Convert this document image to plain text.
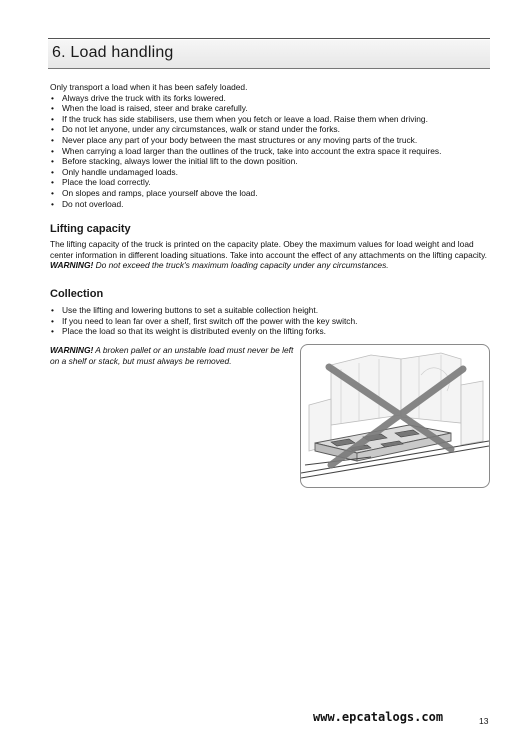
6. Load handling
Only transport a load when it has been safely loaded.
• Always drive the truck with its forks lowered.
• When the load is raised, steer and brake carefully.
• If the truck has side stabilisers, use them when you fetch or leave a load. Raise them when driving.
• Do not let anyone, under any circumstances, walk or stand under the forks.
• Never place any part of your body between the mast structures or any moving parts of the truck.
• When carrying a load larger than the outlines of the truck, take into account the extra space it requires.
• Before stacking, always lower the initial lift to the down position.
• Only handle undamaged loads.
• Place the load correctly.
• On slopes and ramps, place yourself above the load.
• Do not overload.
Lifting capacity
The lifting capacity of the truck is printed on the capacity plate. Obey the maximum values for load weight and load center information in different loading situations. Take into account the effect of any attachments on the lifting capacity.
WARNING! Do not exceed the truck's maximum loading capacity under any circumstances.
Collection
• Use the lifting and lowering buttons to set a suitable collection height.
• If you need to lean far over a shelf, first switch off the power with the key switch.
• Place the load so that its weight is distributed evenly on the lifting forks.
WARNING! A broken pallet or an unstable load must never be left on a shelf or stack, but must always be removed.
www.epcatalogs.com	13
